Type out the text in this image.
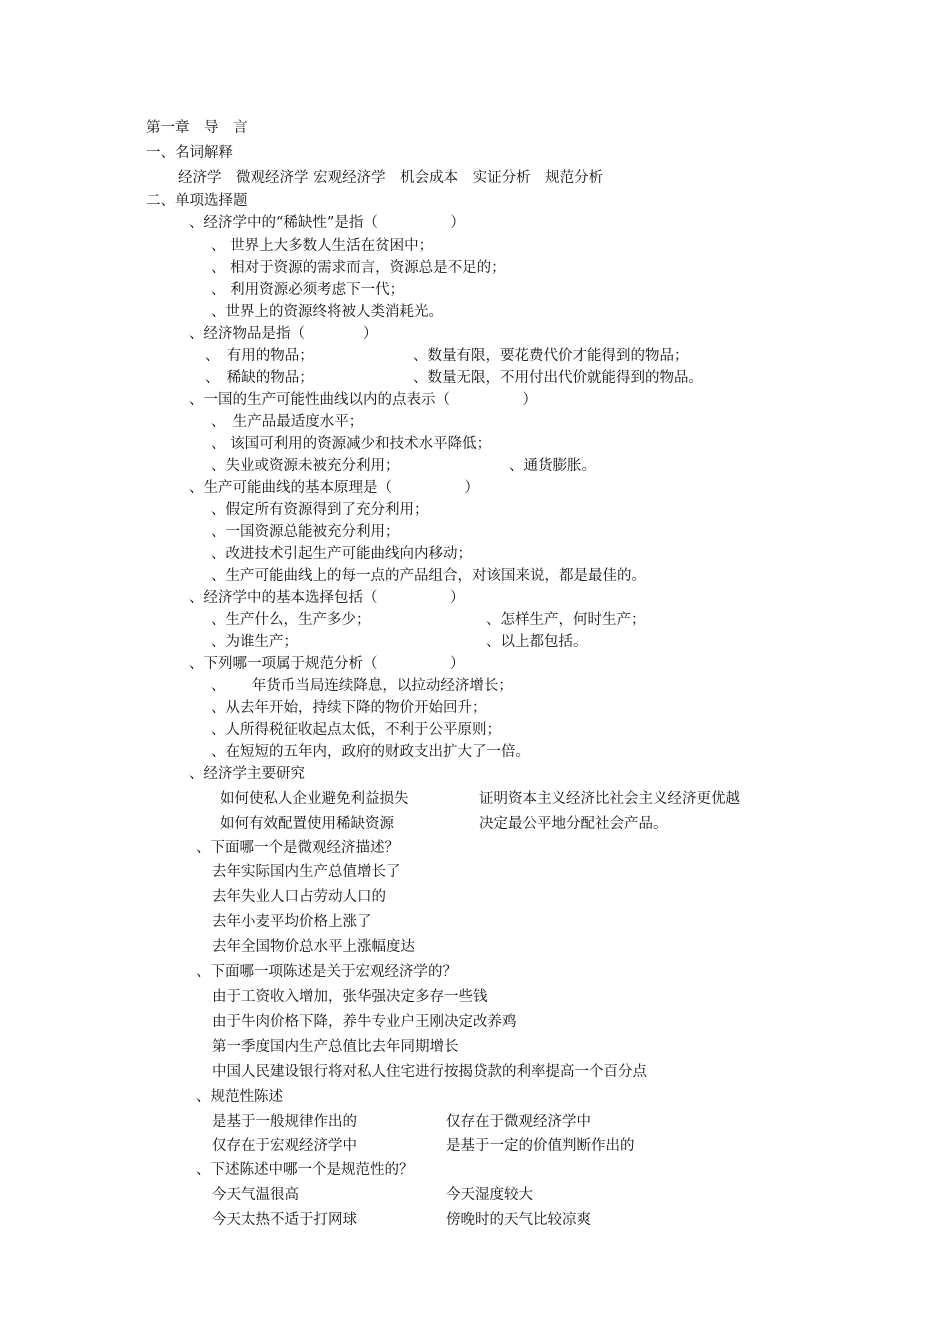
第一章　导　言
一、名词解释
经济学　微观经济学 宏观经济学　机会成本　实证分析　规范分析
二、单项选择题
、经济学中的“稀缺性”是指（　　　　　）
、 世界上大多数人生活在贫困中；
、 相对于资源的需求而言，资源总是不足的；
、 利用资源必须考虑下一代；
、世界上的资源终将被人类消耗光。
、经济物品是指（　　　　）
、　有用的物品；	、数量有限，要花费代价才能得到的物品；
、　稀缺的物品；	、数量无限，不用付出代价就能得到的物品。
、一国的生产可能性曲线以内的点表示（　　　　　）
、　生产品最适度水平；
、 该国可利用的资源减少和技术水平降低；
、失业或资源未被充分利用；	、通货膨胀。
、生产可能曲线的基本原理是（　　　　　）
、假定所有资源得到了充分利用；
、一国资源总能被充分利用；
、改进技术引起生产可能曲线向内移动；
、生产可能曲线上的每一点的产品组合，对该国来说，都是最佳的。
、经济学中的基本选择包括（　　　　　）
、生产什么，生产多少；	、怎样生产，何时生产；
、为谁生产；	、以上都包括。
、下列哪一项属于规范分析（　　　　　）
、　　 年货币当局连续降息，以拉动经济增长；
、从去年开始，持续下降的物价开始回升；
、人所得税征收起点太低，不利于公平原则；
、在短短的五年内，政府的财政支出扩大了一倍。
、经济学主要研究
如何使私人企业避免利益损失	证明资本主义经济比社会主义经济更优越
如何有效配置使用稀缺资源	决定最公平地分配社会产品。
、下面哪一个是微观经济描述？
去年实际国内生产总值增长了
去年失业人口占劳动人口的
去年小麦平均价格上涨了
去年全国物价总水平上涨幅度达
、下面哪一项陈述是关于宏观经济学的？
由于工资收入增加，张华强决定多存一些钱
由于牛肉价格下降，养牛专业户王刚决定改养鸡
第一季度国内生产总值比去年同期增长
中国人民建设银行将对私人住宅进行按揭贷款的利率提高一个百分点
、规范性陈述
是基于一般规律作出的	仅存在于微观经济学中
仅存在于宏观经济学中	是基于一定的价值判断作出的
、下述陈述中哪一个是规范性的？
今天气温很高	今天湿度较大
今天太热不适于打网球	傍晚时的天气比较凉爽
